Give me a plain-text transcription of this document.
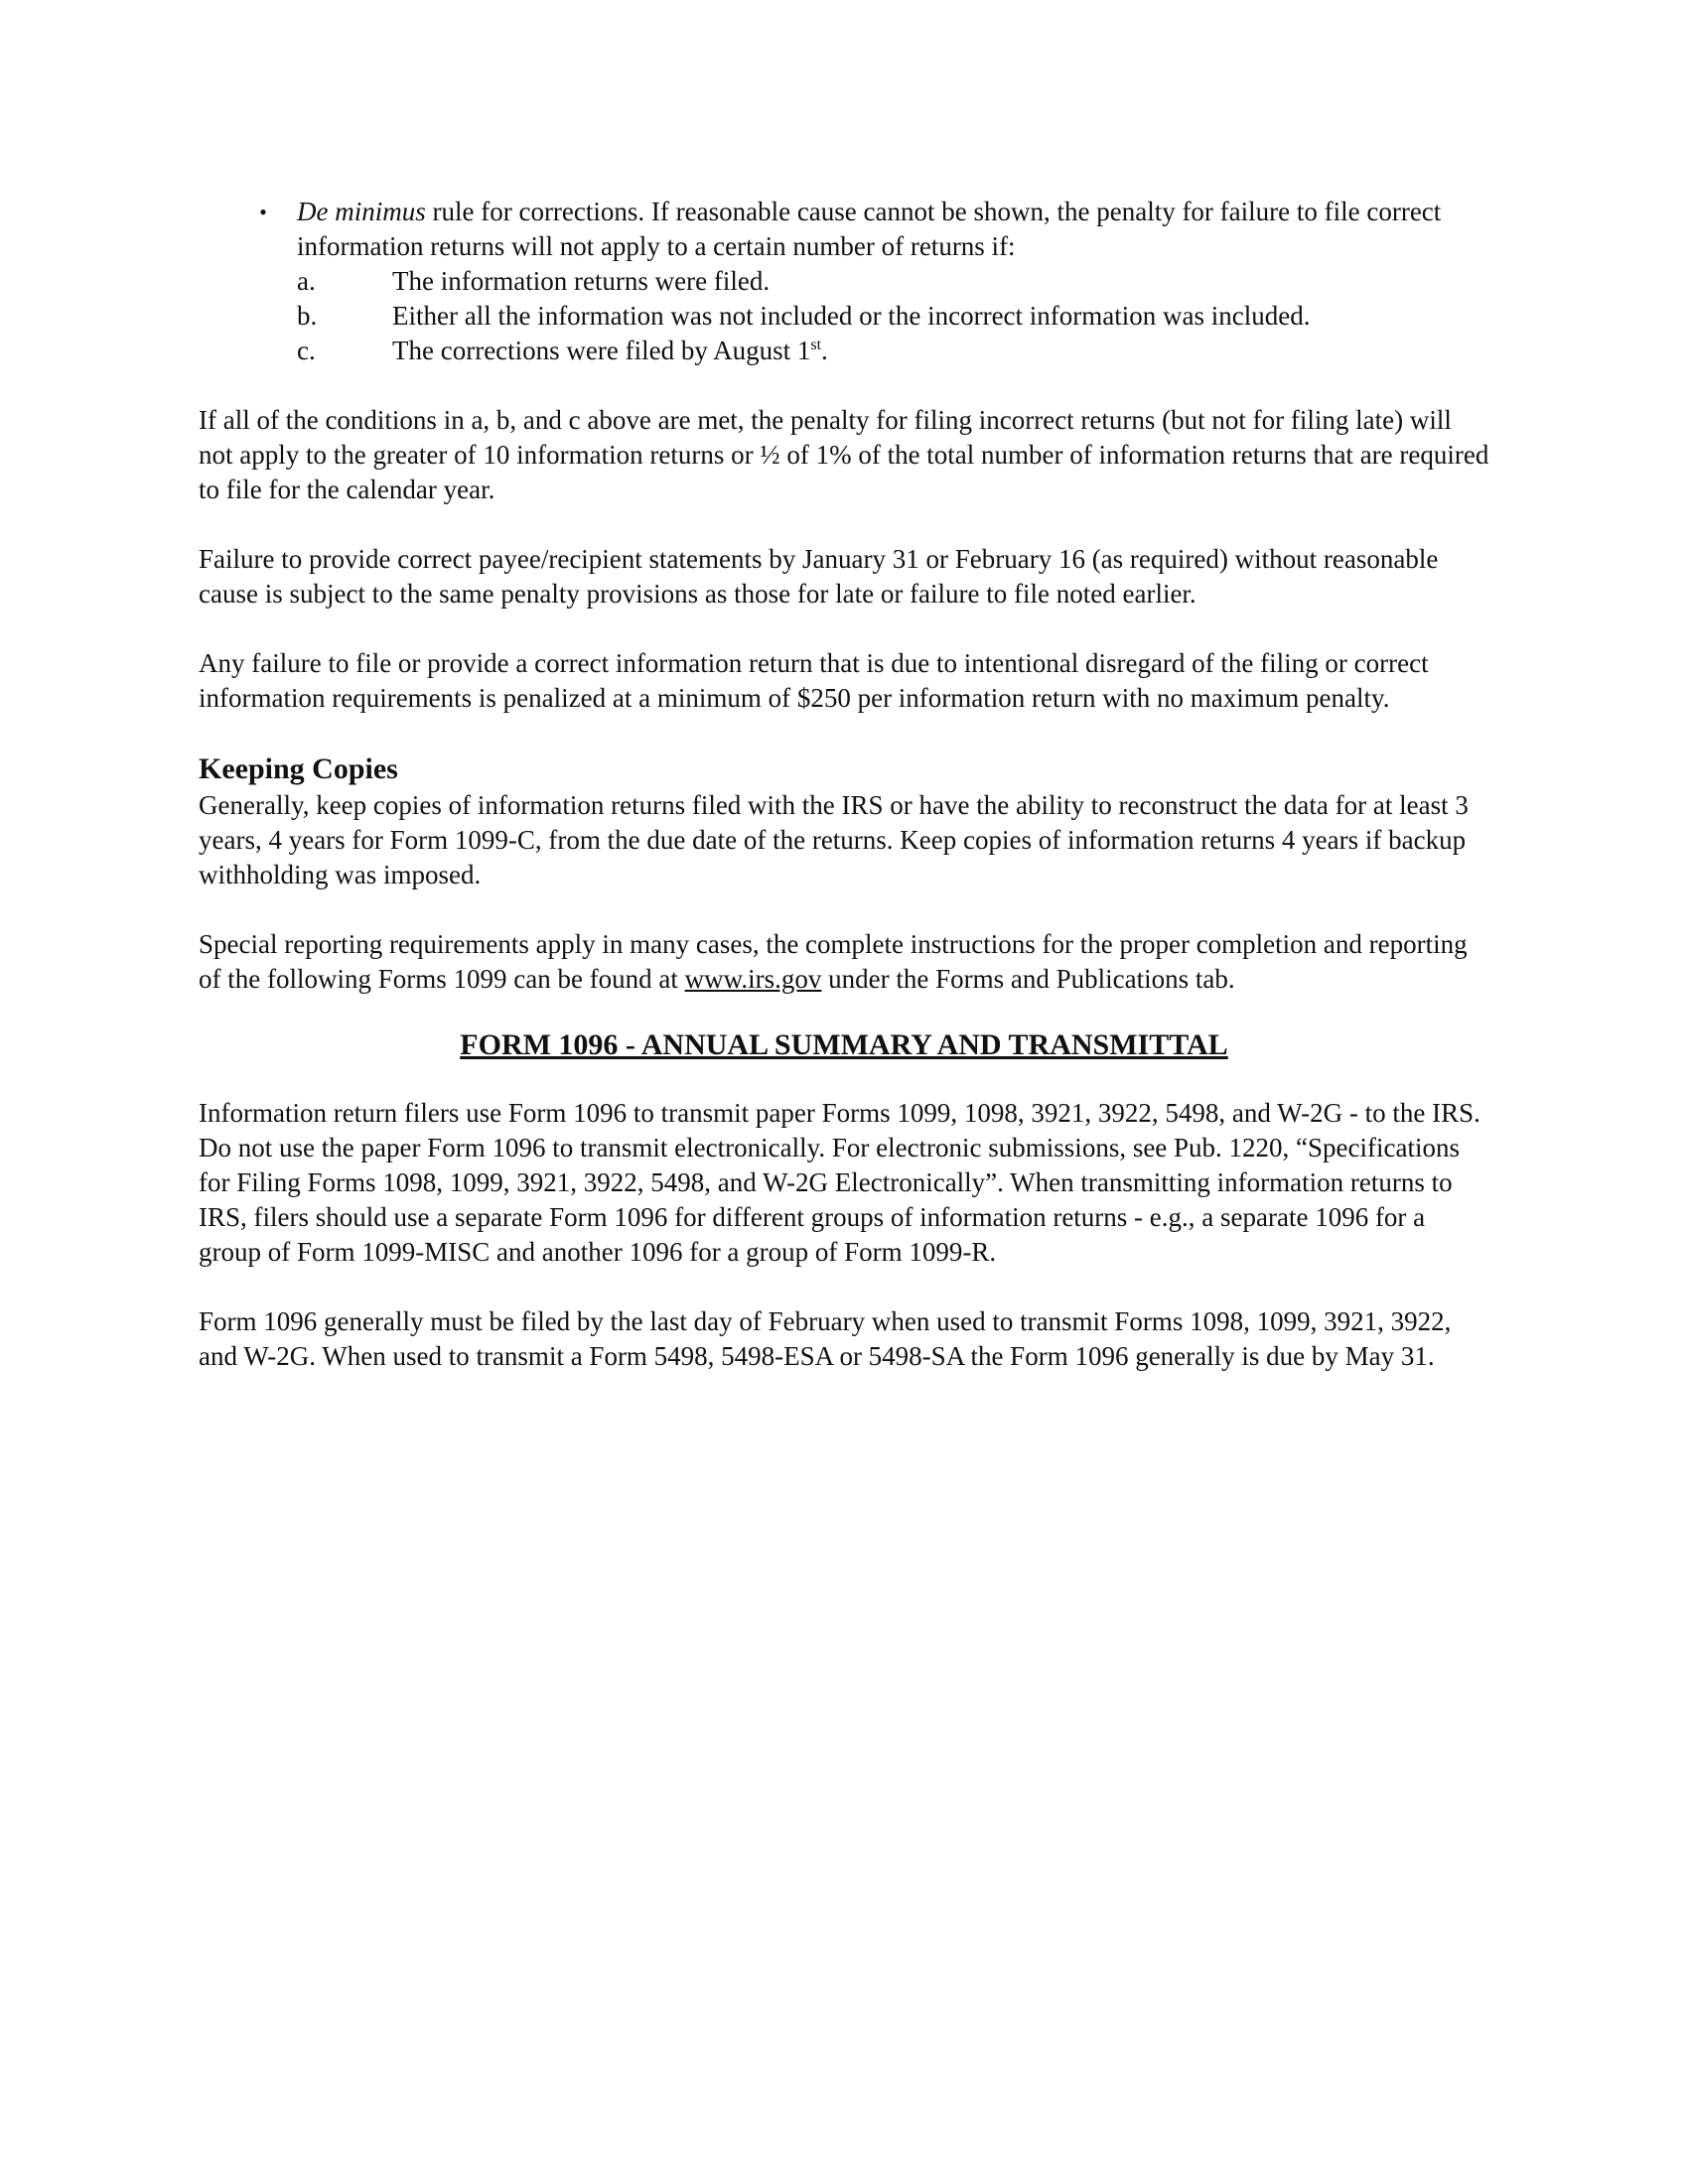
•	De minimus rule for corrections. If reasonable cause cannot be shown, the penalty for failure to file correct information returns will not apply to a certain number of returns if:

a.	The information returns were filed.
b.	Either all the information was not included or the incorrect information was included.
c.	The corrections were filed by August 1st.

If all of the conditions in a, b, and c above are met, the penalty for filing incorrect returns (but not for filing late) will not apply to the greater of 10 information returns or ½ of 1% of the total number of information returns that are required to file for the calendar year.

Failure to provide correct payee/recipient statements by January 31 or February 16 (as required) without reasonable cause is subject to the same penalty provisions as those for late or failure to file noted earlier.

Any failure to file or provide a correct information return that is due to intentional disregard of the filing or correct information requirements is penalized at a minimum of $250 per information return with no maximum penalty.

Keeping Copies

Generally, keep copies of information returns filed with the IRS or have the ability to reconstruct the data for at least 3 years, 4 years for Form 1099-C, from the due date of the returns. Keep copies of information returns 4 years if backup withholding was imposed.

Special reporting requirements apply in many cases, the complete instructions for the proper completion and reporting of the following Forms 1099 can be found at www.irs.gov under the Forms and Publications tab.

FORM 1096 - ANNUAL SUMMARY AND TRANSMITTAL

Information return filers use Form 1096 to transmit paper Forms 1099, 1098, 3921, 3922, 5498, and W-2G - to the IRS. Do not use the paper Form 1096 to transmit electronically. For electronic submissions, see Pub. 1220, “Specifications for Filing Forms 1098, 1099, 3921, 3922, 5498, and W-2G Electronically”. When transmitting information returns to IRS, filers should use a separate Form 1096 for different groups of information returns - e.g., a separate 1096 for a group of Form 1099-MISC and another 1096 for a group of Form 1099-R.

Form 1096 generally must be filed by the last day of February when used to transmit Forms 1098, 1099, 3921, 3922, and W-2G. When used to transmit a Form 5498, 5498-ESA or 5498-SA the Form 1096 generally is due by May 31.
